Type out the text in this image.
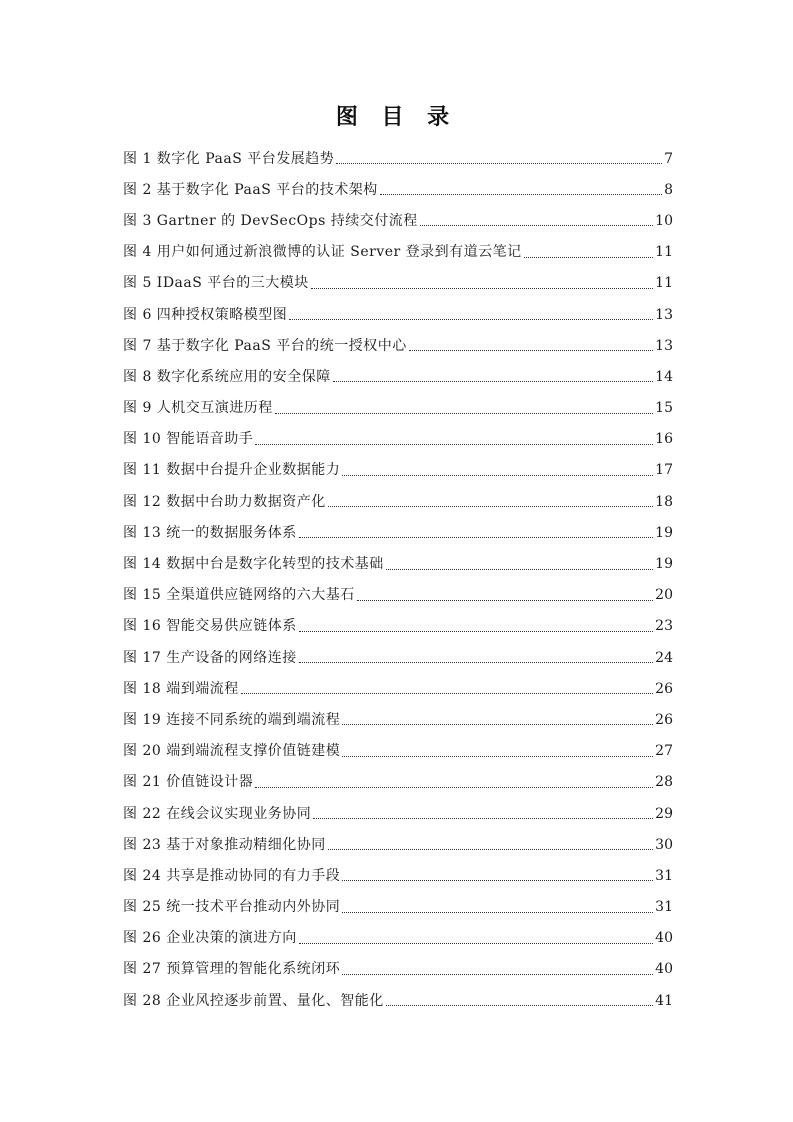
图 目 录
图 1 数字化 PaaS 平台发展趋势	7
图 2 基于数字化 PaaS 平台的技术架构	8
图 3 Gartner 的 DevSecOps 持续交付流程	10
图 4 用户如何通过新浪微博的认证 Server 登录到有道云笔记	11
图 5 IDaaS 平台的三大模块	11
图 6 四种授权策略模型图	13
图 7 基于数字化 PaaS 平台的统一授权中心	13
图 8 数字化系统应用的安全保障	14
图 9 人机交互演进历程	15
图 10 智能语音助手	16
图 11 数据中台提升企业数据能力	17
图 12 数据中台助力数据资产化	18
图 13 统一的数据服务体系	19
图 14 数据中台是数字化转型的技术基础	19
图 15 全渠道供应链网络的六大基石	20
图 16 智能交易供应链体系	23
图 17 生产设备的网络连接	24
图 18 端到端流程	26
图 19 连接不同系统的端到端流程	26
图 20 端到端流程支撑价值链建模	27
图 21 价值链设计器	28
图 22 在线会议实现业务协同	29
图 23 基于对象推动精细化协同	30
图 24 共享是推动协同的有力手段	31
图 25 统一技术平台推动内外协同	31
图 26 企业决策的演进方向	40
图 27 预算管理的智能化系统闭环	40
图 28 企业风控逐步前置、量化、智能化	41
